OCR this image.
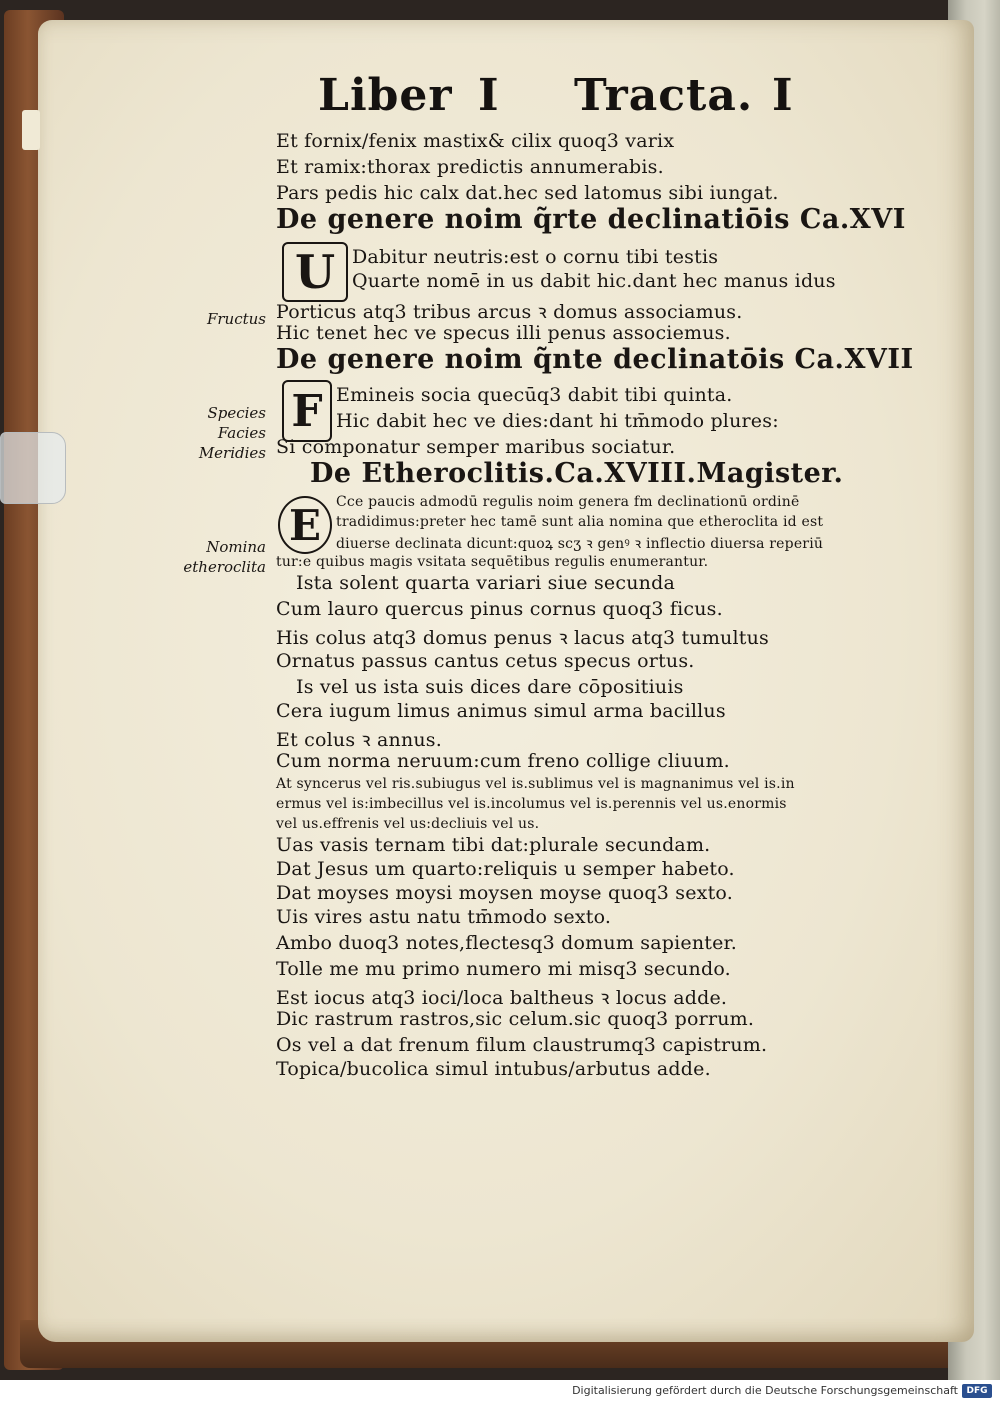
Liber I Tracta. I
U
F
E
Et fornix/fenix mastix& cilix quoq3 varix
Et ramix:thorax predictis annumerabis.
Pars pedis hic calx dat.hec sed latomus sibi iungat.
De genere noim q̃rte declinatiōis Ca.XVI
Dabitur neutris:est o cornu tibi testis
Quarte nomē in us dabit hic.dant hec manus idus
Porticus atq3 tribus arcus ꝛ domus associamus.
Hic tenet hec ve specus illi penus associemus.
De genere noim q̃nte declinatōis Ca.XVII
Emineis socia quecūq3 dabit tibi quinta.
Hic dabit hec ve dies:dant hi tm̄modo plures:
Si componatur semper maribus sociatur.
De Etheroclitis.Ca.XVIII.Magister.
Cce paucis admodū regulis noim genera fm declinationū ordinē
tradidimus:preter hec tamē sunt alia nomina que etheroclita id est
diuerse declinata dicunt:quoꝝ scʒ ꝛ genꝰ ꝛ inflectio diuersa reperiū
tur:e quibus magis vsitata sequētibus regulis enumerantur.
Ista solent quarta variari siue secunda
Cum lauro quercus pinus cornus quoq3 ficus.
His colus atq3 domus penus ꝛ lacus atq3 tumultus
Ornatus passus cantus cetus specus ortus.
Is vel us ista suis dices dare cōpositiuis
Cera iugum limus animus simul arma bacillus
Et colus ꝛ annus.
Cum norma neruum:cum freno collige cliuum.
At syncerus vel ris.subiugus vel is.sublimus vel is magnanimus vel is.in
ermus vel is:imbecillus vel is.incolumus vel is.perennis vel us.enormis
vel us.effrenis vel us:decliuis vel us.
Uas vasis ternam tibi dat:plurale secundam.
Dat Jesus um quarto:reliquis u semper habeto.
Dat moyses moysi moysen moyse quoq3 sexto.
Uis vires astu natu tm̄modo sexto.
Ambo duoq3 notes,flectesq3 domum sapienter.
Tolle me mu primo numero mi misq3 secundo.
Est iocus atq3 ioci/loca baltheus ꝛ locus adde.
Dic rastrum rastros,sic celum.sic quoq3 porrum.
Os vel a dat frenum filum claustrumq3 capistrum.
Topica/bucolica simul intubus/arbutus adde.
Fructus
Species
Facies
Meridies
Nomina
etheroclita
Digitalisierung gefördert durch die Deutsche Forschungsgemeinschaft DFG
